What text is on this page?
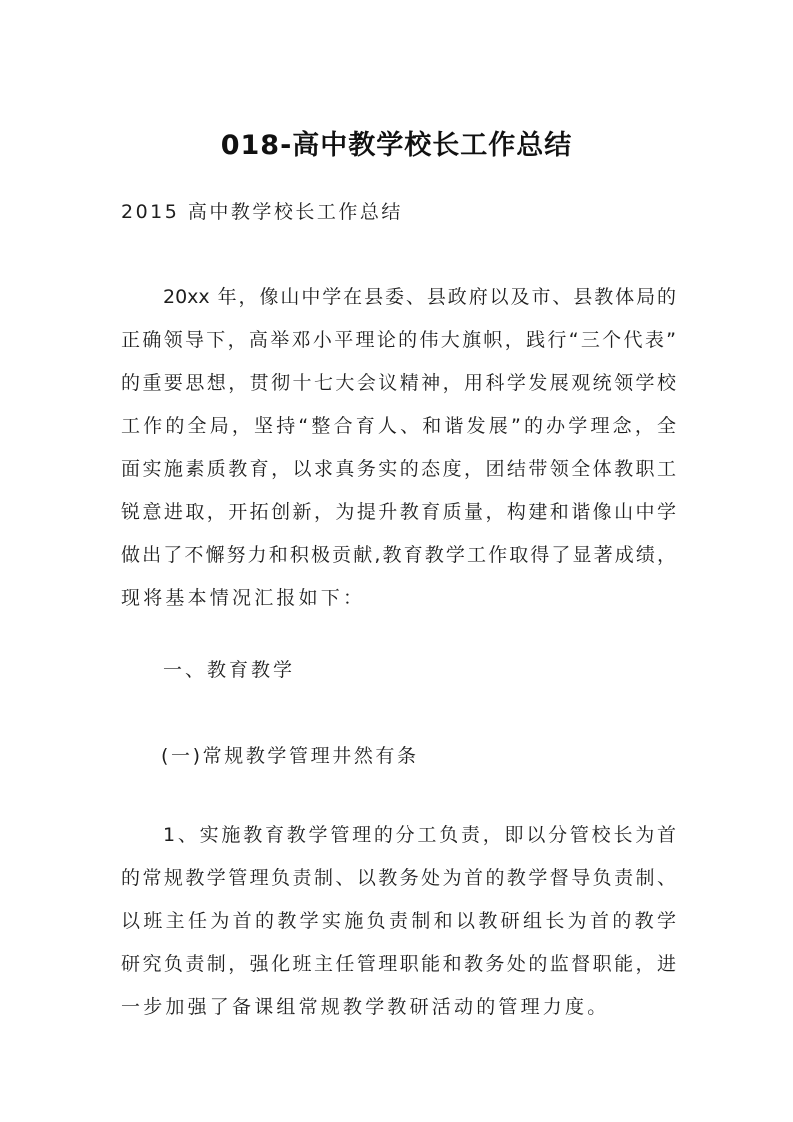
018-高中教学校长工作总结
2015 高中教学校长工作总结
20xx 年，像山中学在县委、县政府以及市、县教体局的
正确领导下，高举邓小平理论的伟大旗帜，践行“三个代表”
的重要思想，贯彻十七大会议精神，用科学发展观统领学校
工作的全局，坚持“整合育人、和谐发展”的办学理念，全
面实施素质教育，以求真务实的态度，团结带领全体教职工
锐意进取，开拓创新，为提升教育质量，构建和谐像山中学
做出了不懈努力和积极贡献,教育教学工作取得了显著成绩，
现将基本情况汇报如下：
一、教育教学
(一)常规教学管理井然有条
1、实施教育教学管理的分工负责，即以分管校长为首
的常规教学管理负责制、以教务处为首的教学督导负责制、
以班主任为首的教学实施负责制和以教研组长为首的教学
研究负责制，强化班主任管理职能和教务处的监督职能，进
一步加强了备课组常规教学教研活动的管理力度。
